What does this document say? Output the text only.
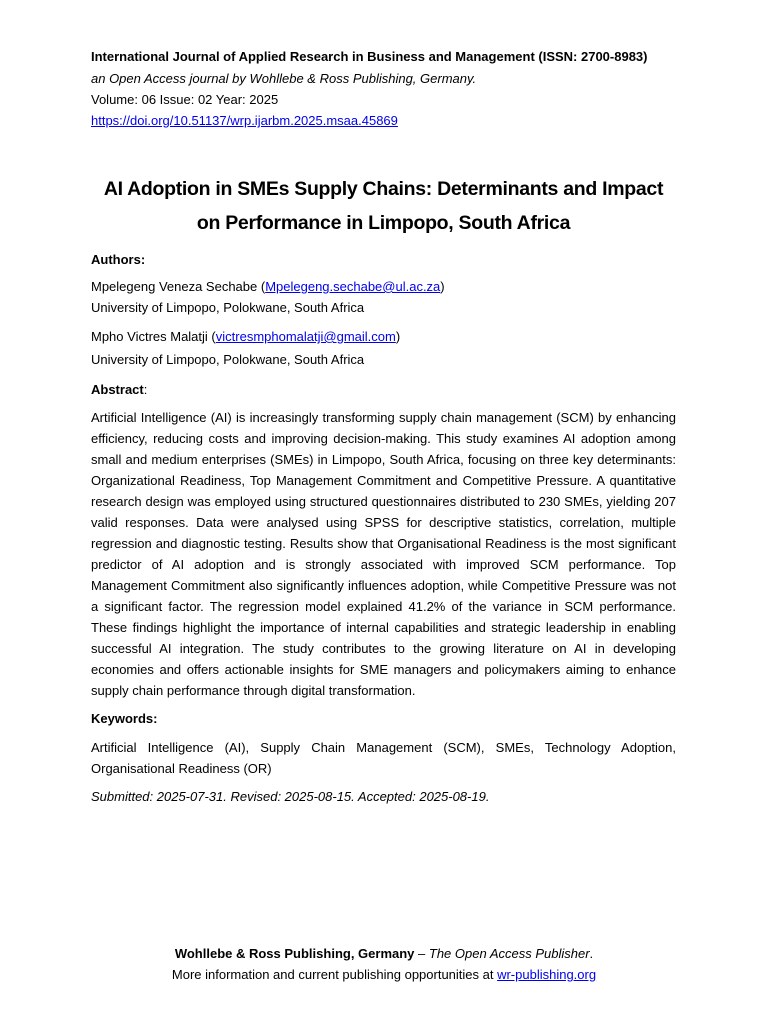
International Journal of Applied Research in Business and Management (ISSN: 2700-8983)
an Open Access journal by Wohllebe & Ross Publishing, Germany.
Volume: 06 Issue: 02 Year: 2025
https://doi.org/10.51137/wrp.ijarbm.2025.msaa.45869
AI Adoption in SMEs Supply Chains: Determinants and Impact
on Performance in Limpopo, South Africa
Authors:
Mpelegeng Veneza Sechabe (Mpelegeng.sechabe@ul.ac.za)
University of Limpopo, Polokwane, South Africa
Mpho Victres Malatji (victresmphomalatji@gmail.com)
University of Limpopo, Polokwane, South Africa
Abstract:
Artificial Intelligence (AI) is increasingly transforming supply chain management (SCM) by enhancing efficiency, reducing costs and improving decision-making. This study examines AI adoption among small and medium enterprises (SMEs) in Limpopo, South Africa, focusing on three key determinants: Organizational Readiness, Top Management Commitment and Competitive Pressure. A quantitative research design was employed using structured questionnaires distributed to 230 SMEs, yielding 207 valid responses. Data were analysed using SPSS for descriptive statistics, correlation, multiple regression and diagnostic testing. Results show that Organisational Readiness is the most significant predictor of AI adoption and is strongly associated with improved SCM performance. Top Management Commitment also significantly influences adoption, while Competitive Pressure was not a significant factor. The regression model explained 41.2% of the variance in SCM performance. These findings highlight the importance of internal capabilities and strategic leadership in enabling successful AI integration. The study contributes to the growing literature on AI in developing economies and offers actionable insights for SME managers and policymakers aiming to enhance supply chain performance through digital transformation.
Keywords:
Artificial Intelligence (AI), Supply Chain Management (SCM), SMEs, Technology Adoption, Organisational Readiness (OR)
Submitted: 2025-07-31. Revised: 2025-08-15. Accepted: 2025-08-19.
Wohllebe & Ross Publishing, Germany – The Open Access Publisher.
More information and current publishing opportunities at wr-publishing.org
